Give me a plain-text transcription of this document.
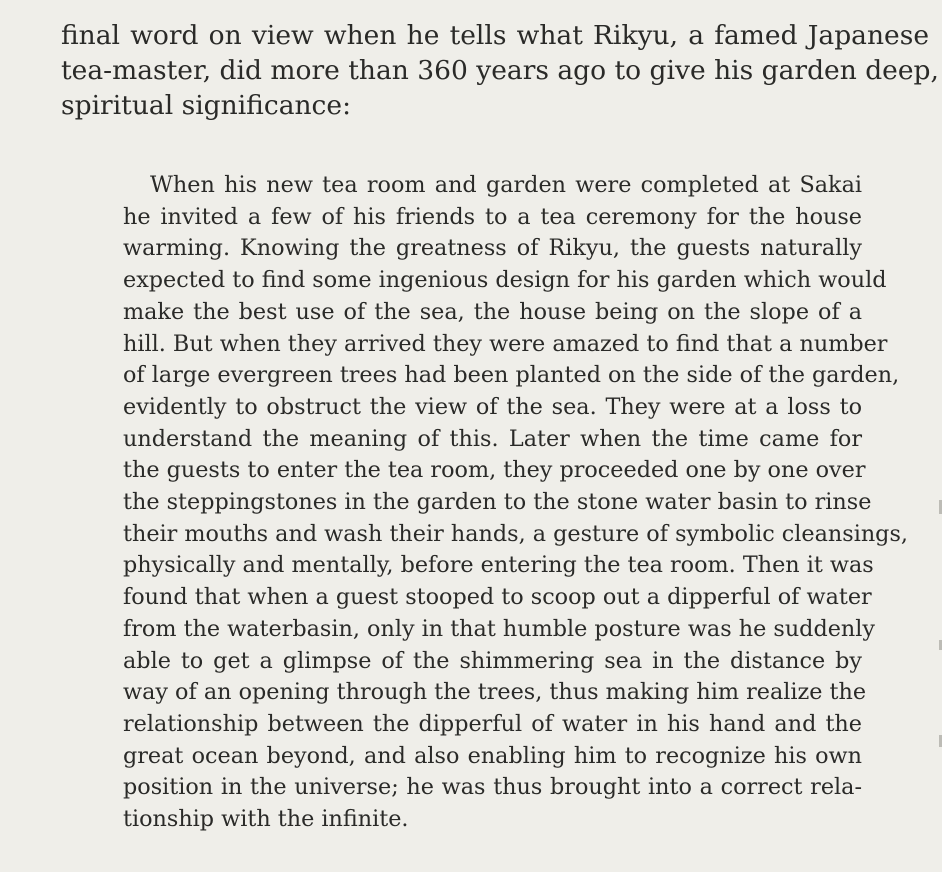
final word on view when he tells what Rikyu, a famed Japanese
tea-master, did more than 360 years ago to give his garden deep,
spiritual significance:
When his new tea room and garden were completed at Sakai
he invited a few of his friends to a tea ceremony for the house
warming. Knowing the greatness of Rikyu, the guests naturally
expected to find some ingenious design for his garden which would
make the best use of the sea, the house being on the slope of a
hill. But when they arrived they were amazed to find that a number
of large evergreen trees had been planted on the side of the garden,
evidently to obstruct the view of the sea. They were at a loss to
understand the meaning of this. Later when the time came for
the guests to enter the tea room, they proceeded one by one over
the steppingstones in the garden to the stone water basin to rinse
their mouths and wash their hands, a gesture of symbolic cleansings,
physically and mentally, before entering the tea room. Then it was
found that when a guest stooped to scoop out a dipperful of water
from the waterbasin, only in that humble posture was he suddenly
able to get a glimpse of the shimmering sea in the distance by
way of an opening through the trees, thus making him realize the
relationship between the dipperful of water in his hand and the
great ocean beyond, and also enabling him to recognize his own
position in the universe; he was thus brought into a correct rela-
tionship with the infinite.
